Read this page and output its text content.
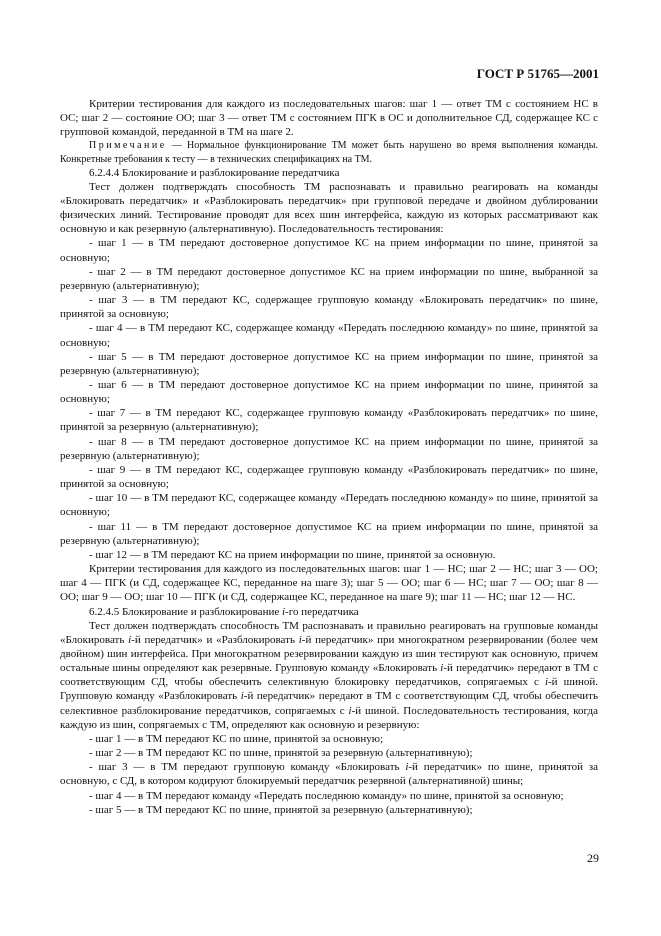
ГОСТ Р 51765—2001

Критерии тестирования для каждого из последовательных шагов: шаг 1 — ответ ТМ с состоянием НС в ОС; шаг 2 — состояние ОО; шаг 3 — ответ ТМ с состоянием ПГК в ОС и дополнительное СД, содержащее КС с групповой командой, переданной в ТМ на шаге 2.

Примечание — Нормальное функционирование ТМ может быть нарушено во время выполнения команды. Конкретные требования к тесту — в технических спецификациях на ТМ.

6.2.4.4 Блокирование и разблокирование передатчика

Тест должен подтверждать способность ТМ распознавать и правильно реагировать на команды «Блокировать передатчик» и «Разблокировать передатчик» при групповой передаче и двойном дублировании физических линий. Тестирование проводят для всех шин интерфейса, каждую из которых рассматривают как основную и как резервную (альтернативную). Последовательность тестирования:

- шаг 1 — в ТМ передают достоверное допустимое КС на прием информации по шине, принятой за основную;

- шаг 2 — в ТМ передают достоверное допустимое КС на прием информации по шине, выбранной за резервную (альтернативную);

- шаг 3 — в ТМ передают КС, содержащее групповую команду «Блокировать передатчик» по шине, принятой за основную;

- шаг 4 — в ТМ передают КС, содержащее команду «Передать последнюю команду» по шине, принятой за основную;

- шаг 5 — в ТМ передают достоверное допустимое КС на прием информации по шине, принятой за резервную (альтернативную);

- шаг 6 — в ТМ передают достоверное допустимое КС на прием информации по шине, принятой за основную;

- шаг 7 — в ТМ передают КС, содержащее групповую команду «Разблокировать передатчик» по шине, принятой за резервную (альтернативную);

- шаг 8 — в ТМ передают достоверное допустимое КС на прием информации по шине, принятой за резервную (альтернативную);

- шаг 9 — в ТМ передают КС, содержащее групповую команду «Разблокировать передатчик» по шине, принятой за основную;

- шаг 10 — в ТМ передают КС, содержащее команду «Передать последнюю команду» по шине, принятой за основную;

- шаг 11 — в ТМ передают достоверное допустимое КС на прием информации по шине, принятой за резервную (альтернативную);

- шаг 12 — в ТМ передают КС на прием информации по шине, принятой за основную.

Критерии тестирования для каждого из последовательных шагов: шаг 1 — НС; шаг 2 — НС; шаг 3 — ОО; шаг 4 — ПГК (и СД, содержащее КС, переданное на шаге 3); шаг 5 — ОО; шаг 6 — НС; шаг 7 — ОО; шаг 8 — ОО; шаг 9 — ОО; шаг 10 — ПГК (и СД, содержащее КС, переданное на шаге 9); шаг 11 — НС; шаг 12 — НС.

6.2.4.5 Блокирование и разблокирование i-го передатчика

Тест должен подтверждать способность ТМ распознавать и правильно реагировать на групповые команды «Блокировать i-й передатчик» и «Разблокировать i-й передатчик» при многократном резервировании (более чем двойном) шин интерфейса. При многократном резервировании каждую из шин тестируют как основную, причем остальные шины определяют как резервные. Групповую команду «Блокировать i-й передатчик» передают в ТМ с соответствующим СД, чтобы обеспечить селективную блокировку передатчиков, сопрягаемых с i-й шиной. Групповую команду «Разблокировать i-й передатчик» передают в ТМ с соответствующим СД, чтобы обеспечить селективное разблокирование передатчиков, сопрягаемых с i-й шиной. Последовательность тестирования, когда каждую из шин, сопрягаемых с ТМ, определяют как основную и резервную:

- шаг 1 — в ТМ передают КС по шине, принятой за основную;

- шаг 2 — в ТМ передают КС по шине, принятой за резервную (альтернативную);

- шаг 3 — в ТМ передают групповую команду «Блокировать i-й передатчик» по шине, принятой за основную, с СД, в котором кодируют блокируемый передатчик резервной (альтернативной) шины;

- шаг 4 — в ТМ передают команду «Передать последнюю команду» по шине, принятой за основную;

- шаг 5 — в ТМ передают КС по шине, принятой за резервную (альтернативную);

29
